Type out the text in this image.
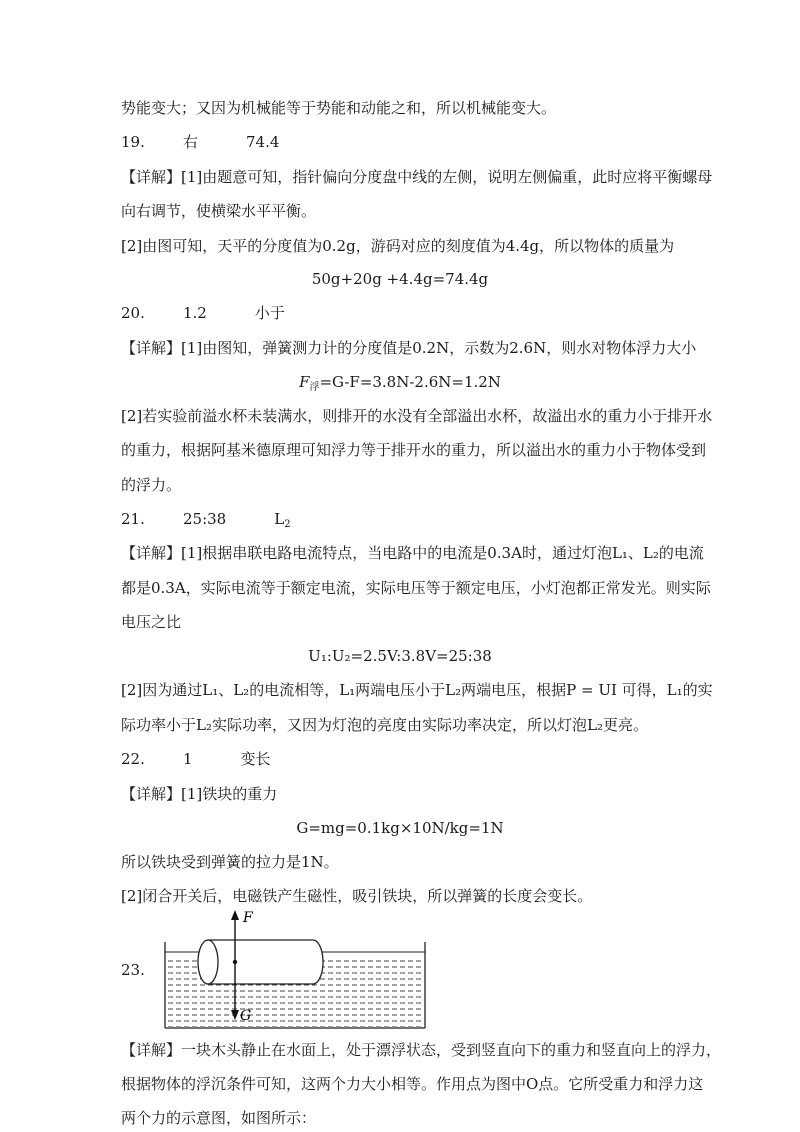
势能变大；又因为机械能等于势能和动能之和，所以机械能变大。
19.	右	74.4
【详解】[1]由题意可知，指针偏向分度盘中线的左侧，说明左侧偏重，此时应将平衡螺母
向右调节，使横梁水平平衡。
[2]由图可知，天平的分度值为0.2g，游码对应的刻度值为4.4g，所以物体的质量为
50g+20g +4.4g=74.4g
20.	1.2	小于
【详解】[1]由图知，弹簧测力计的分度值是0.2N，示数为2.6N，则水对物体浮力大小
$F_浮=G-F=3.8N-2.6N=1.2N$
[2]若实验前溢水杯未装满水，则排开的水没有全部溢出水杯，故溢出水的重力小于排开水
的重力，根据阿基米德原理可知浮力等于排开水的重力，所以溢出水的重力小于物体受到
的浮力。
21.	25:38	$L_2$
【详解】[1]根据串联电路电流特点，当电路中的电流是0.3A时，通过灯泡L₁、L₂的电流
都是0.3A，实际电流等于额定电流，实际电压等于额定电压，小灯泡都正常发光。则实际
电压之比
U₁:U₂=2.5V:3.8V=25:38
[2]因为通过L₁、L₂的电流相等，L₁两端电压小于L₂两端电压，根据P = UI 可得，L₁的实
际功率小于L₂实际功率，又因为灯泡的亮度由实际功率决定，所以灯泡L₂更亮。
22.	1	变长
【详解】[1]铁块的重力
G=mg=0.1kg×10N/kg=1N
所以铁块受到弹簧的拉力是1N。
[2]闭合开关后，电磁铁产生磁性，吸引铁块，所以弹簧的长度会变长。
23.
F
G
【详解】一块木头静止在水面上，处于漂浮状态，受到竖直向下的重力和竖直向上的浮力，
根据物体的浮沉条件可知，这两个力大小相等。作用点为图中O点。它所受重力和浮力这
两个力的示意图，如图所示：
